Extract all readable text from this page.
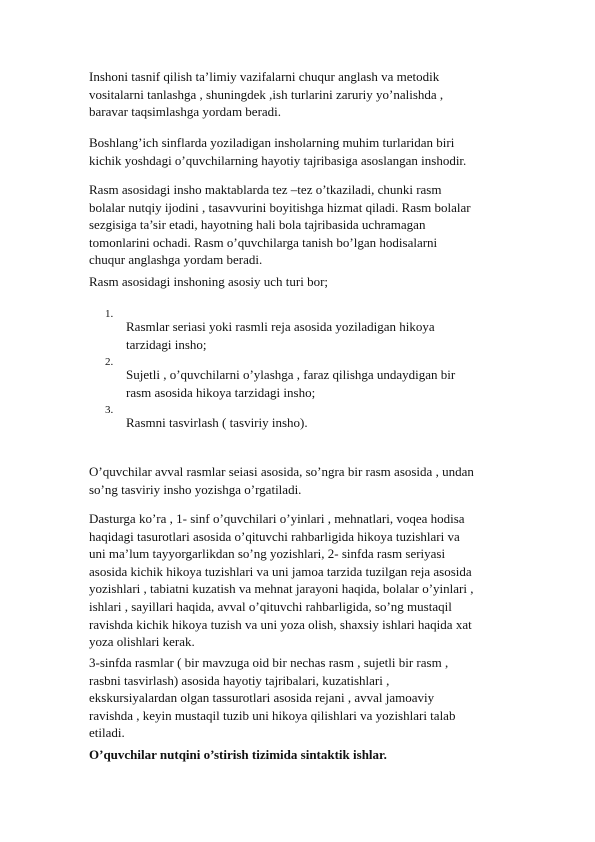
Inshoni tasnif qilish ta’limiy vazifalarni chuqur anglash va metodik
vositalarni tanlashga , shuningdek ,ish turlarini zaruriy yo’nalishda ,
baravar taqsimlashga yordam beradi.
Boshlang’ich sinflarda yoziladigan insholarning muhim turlaridan biri
kichik yoshdagi o’quvchilarning hayotiy tajribasiga asoslangan inshodir.
Rasm asosidagi insho maktablarda tez –tez o’tkaziladi, chunki rasm
bolalar nutqiy ijodini , tasavvurini boyitishga hizmat qiladi. Rasm bolalar
sezgisiga ta’sir etadi, hayotning hali bola tajribasida uchramagan
tomonlarini ochadi. Rasm o’quvchilarga tanish bo’lgan hodisalarni
chuqur anglashga yordam beradi.
Rasm asosidagi inshoning asosiy uch turi bor;
1.
Rasmlar seriasi yoki rasmli reja asosida yoziladigan hikoya
tarzidagi insho;
2.
Sujetli , o’quvchilarni o’ylashga , faraz qilishga undaydigan bir
rasm asosida hikoya tarzidagi insho;
3.
Rasmni tasvirlash ( tasviriy insho).
O’quvchilar avval rasmlar seiasi asosida, so’ngra bir rasm asosida , undan
so’ng tasviriy insho yozishga o’rgatiladi.
Dasturga ko’ra , 1- sinf o’quvchilari o’yinlari , mehnatlari, voqea hodisa
haqidagi tasurotlari asosida o’qituvchi rahbarligida hikoya tuzishlari va
uni ma’lum tayyorgarlikdan so’ng yozishlari, 2- sinfda rasm seriyasi
asosida kichik hikoya tuzishlari va uni jamoa tarzida tuzilgan reja asosida
yozishlari , tabiatni kuzatish va mehnat jarayoni haqida, bolalar o’yinlari ,
ishlari , sayillari haqida, avval o’qituvchi rahbarligida, so’ng mustaqil
ravishda kichik hikoya tuzish va uni yoza olish, shaxsiy ishlari haqida xat
yoza olishlari kerak.
3-sinfda rasmlar ( bir mavzuga oid bir nechas rasm , sujetli bir rasm ,
rasbni tasvirlash) asosida hayotiy tajribalari, kuzatishlari ,
ekskursiyalardan olgan tassurotlari asosida rejani , avval jamoaviy
ravishda , keyin mustaqil tuzib uni hikoya qilishlari va yozishlari talab
etiladi.
O’quvchilar nutqini o’stirish tizimida sintaktik ishlar.
